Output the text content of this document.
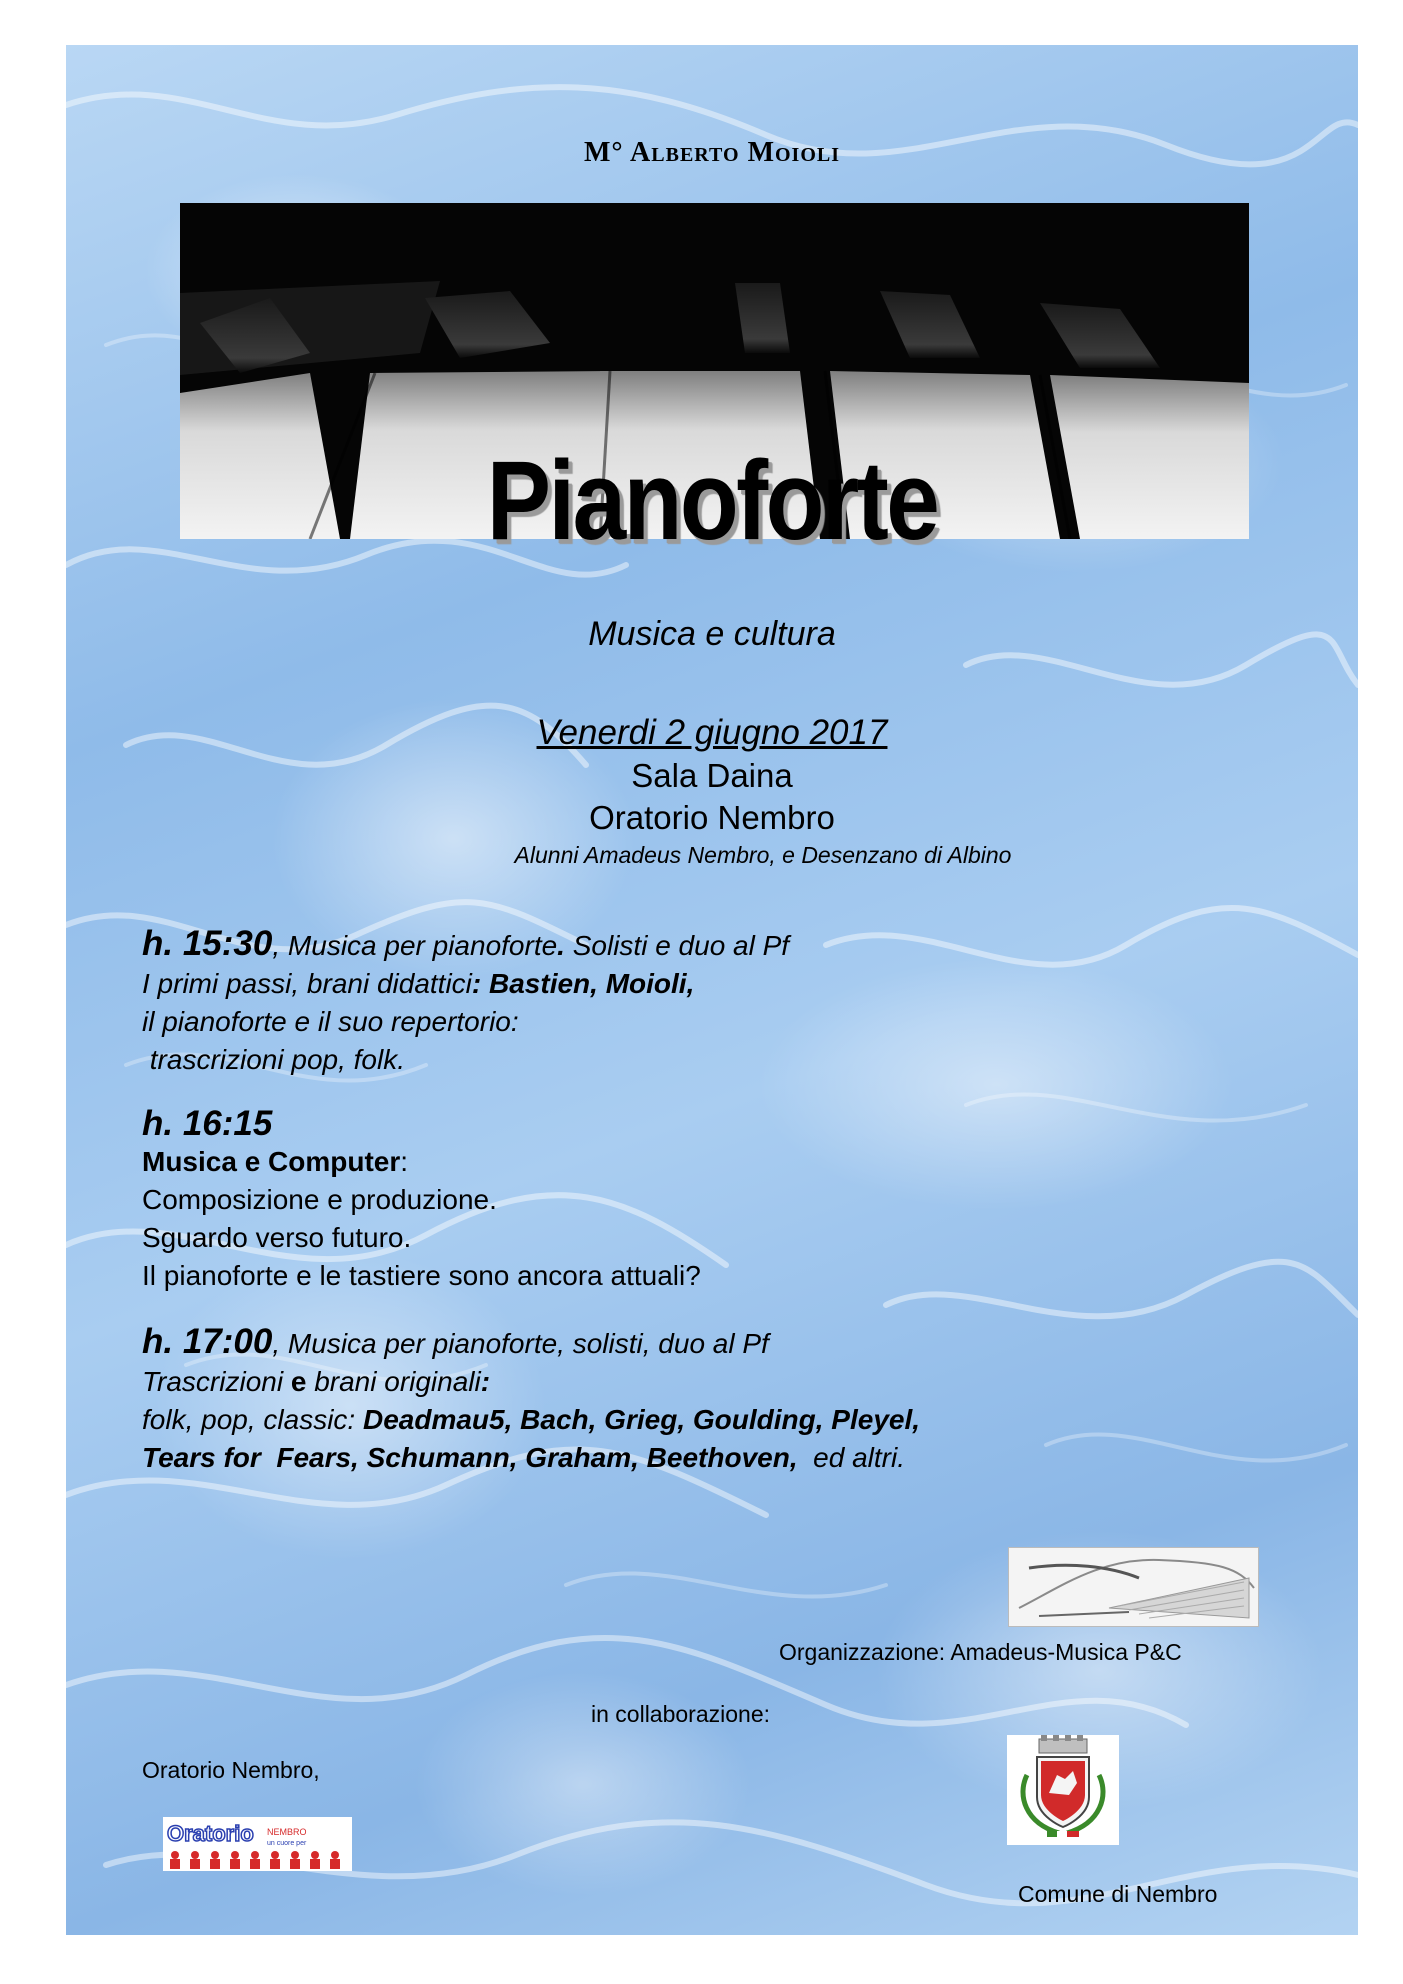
M° Alberto Moioli
Pianoforte
Musica e cultura
Venerdi 2 giugno 2017
Sala Daina
Oratorio Nembro
Alunni Amadeus Nembro, e Desenzano di Albino
h. 15:30, Musica per pianoforte. Solisti e duo al Pf
I primi passi, brani didattici: Bastien, Moioli,
il pianoforte e il suo repertorio:
trascrizioni pop, folk.
h. 16:15
Musica e Computer:
Composizione e produzione.
Sguardo verso futuro.
Il pianoforte e le tastiere sono ancora attuali?
h. 17:00, Musica per pianoforte, solisti, duo al Pf
Trascrizioni e brani originali:
folk, pop, classic: Deadmau5, Bach, Grieg, Goulding, Pleyel,
Tears for  Fears, Schumann, Graham, Beethoven,  ed altri.
Organizzazione: Amadeus-Musica P&C
in collaborazione:
Oratorio Nembro,
Oratorio NEMBRO
un cuore per
Comune di Nembro
